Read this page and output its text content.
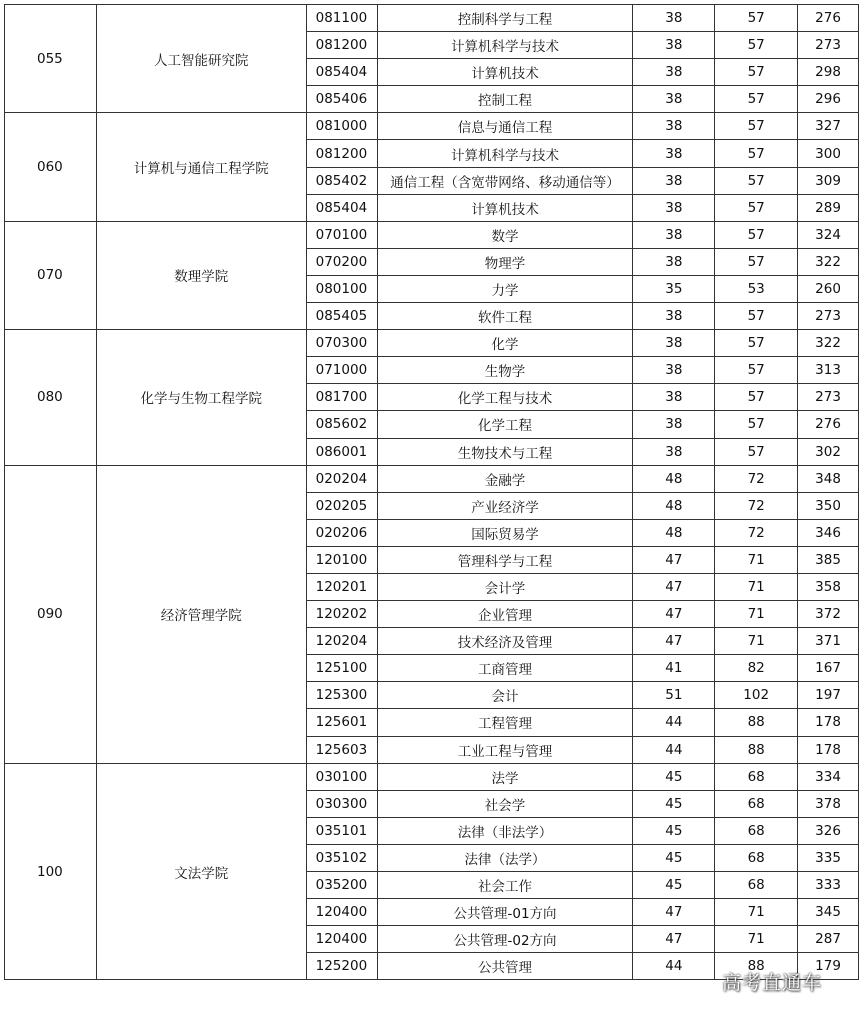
055	人工智能研究院	081100	控制科学与工程	38	57	276
		081200	计算机科学与技术	38	57	273
		085404	计算机技术	38	57	298
		085406	控制工程	38	57	296
060	计算机与通信工程学院	081000	信息与通信工程	38	57	327
		081200	计算机科学与技术	38	57	300
		085402	通信工程（含宽带网络、移动通信等）	38	57	309
		085404	计算机技术	38	57	289
070	数理学院	070100	数学	38	57	324
		070200	物理学	38	57	322
		080100	力学	35	53	260
		085405	软件工程	38	57	273
080	化学与生物工程学院	070300	化学	38	57	322
		071000	生物学	38	57	313
		081700	化学工程与技术	38	57	273
		085602	化学工程	38	57	276
		086001	生物技术与工程	38	57	302
090	经济管理学院	020204	金融学	48	72	348
		020205	产业经济学	48	72	350
		020206	国际贸易学	48	72	346
		120100	管理科学与工程	47	71	385
		120201	会计学	47	71	358
		120202	企业管理	47	71	372
		120204	技术经济及管理	47	71	371
		125100	工商管理	41	82	167
		125300	会计	51	102	197
		125601	工程管理	44	88	178
		125603	工业工程与管理	44	88	178
100	文法学院	030100	法学	45	68	334
		030300	社会学	45	68	378
		035101	法律（非法学）	45	68	326
		035102	法律（法学）	45	68	335
		035200	社会工作	45	68	333
		120400	公共管理-01方向	47	71	345
		120400	公共管理-02方向	47	71	287
		125200	公共管理	44	88	179
高考直通车
